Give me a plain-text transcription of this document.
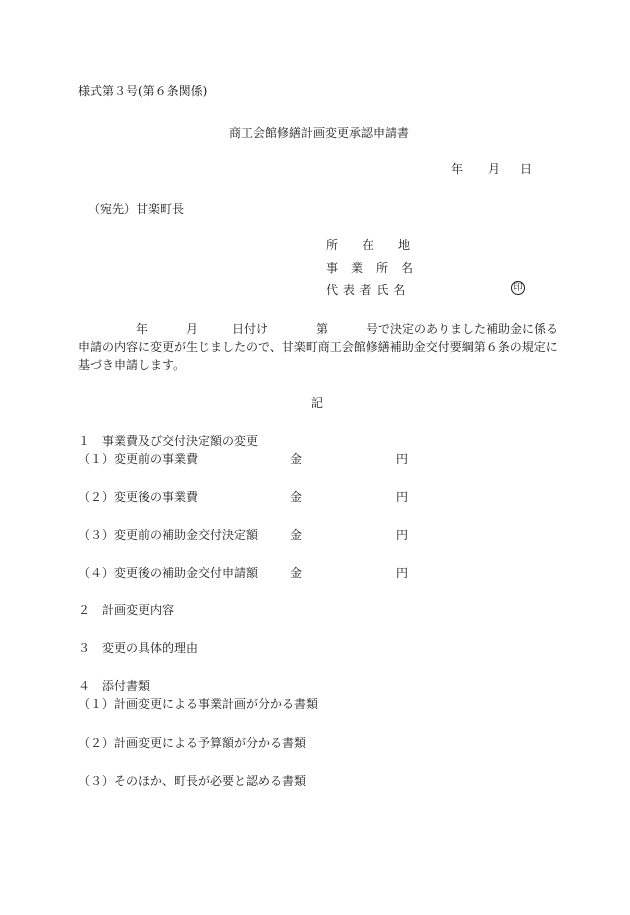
様式第３号(第６条関係)
商工会館修繕計画変更承認申請書
年 月 日
（宛先）甘楽町長
所　　在　　地
事　業　所　名
代 表 者 氏 名	印
年	月	日付け	第	号で決定のありました補助金に係る
申請の内容に変更が生じましたので、甘楽町商工会館修繕補助金交付要綱第６条の規定に
基づき申請します。
記
１　事業費及び交付決定額の変更
（１）変更前の事業費	金	円
（２）変更後の事業費	金	円
（３）変更前の補助金交付決定額	金	円
（４）変更後の補助金交付申請額	金	円
２　計画変更内容
３　変更の具体的理由
４　添付書類
（１）計画変更による事業計画が分かる書類
（２）計画変更による予算額が分かる書類
（３）そのほか、町長が必要と認める書類
